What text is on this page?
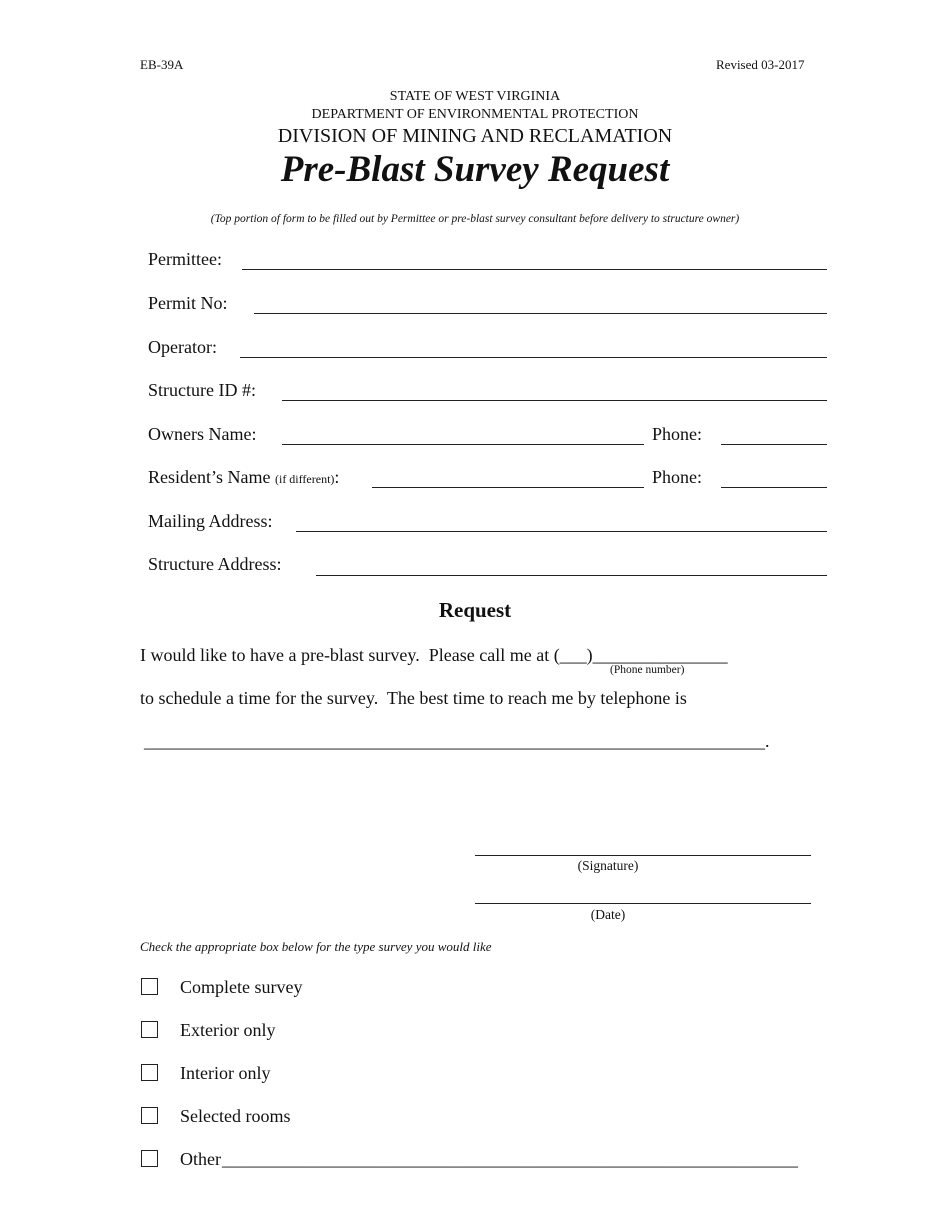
EB-39A	Revised 03-2017
STATE OF WEST VIRGINIA
DEPARTMENT OF ENVIRONMENTAL PROTECTION
DIVISION OF MINING AND RECLAMATION
Pre-Blast Survey Request
(Top portion of form to be filled out by Permittee or pre-blast survey consultant before delivery to structure owner)
Permittee:
Permit No:
Operator:
Structure ID #:
Owners Name:	Phone:
Resident’s Name (if different):	Phone:
Mailing Address:
Structure Address:
Request
I would like to have a pre-blast survey.  Please call me at (___)_______________
(Phone number)
to schedule a time for the survey.  The best time to reach me by telephone is
_____________________________________________________________________.
(Signature)
(Date)
Check the appropriate box below for the type survey you would like
Complete survey
Exterior only
Interior only
Selected rooms
Other ________________________________________________________________
